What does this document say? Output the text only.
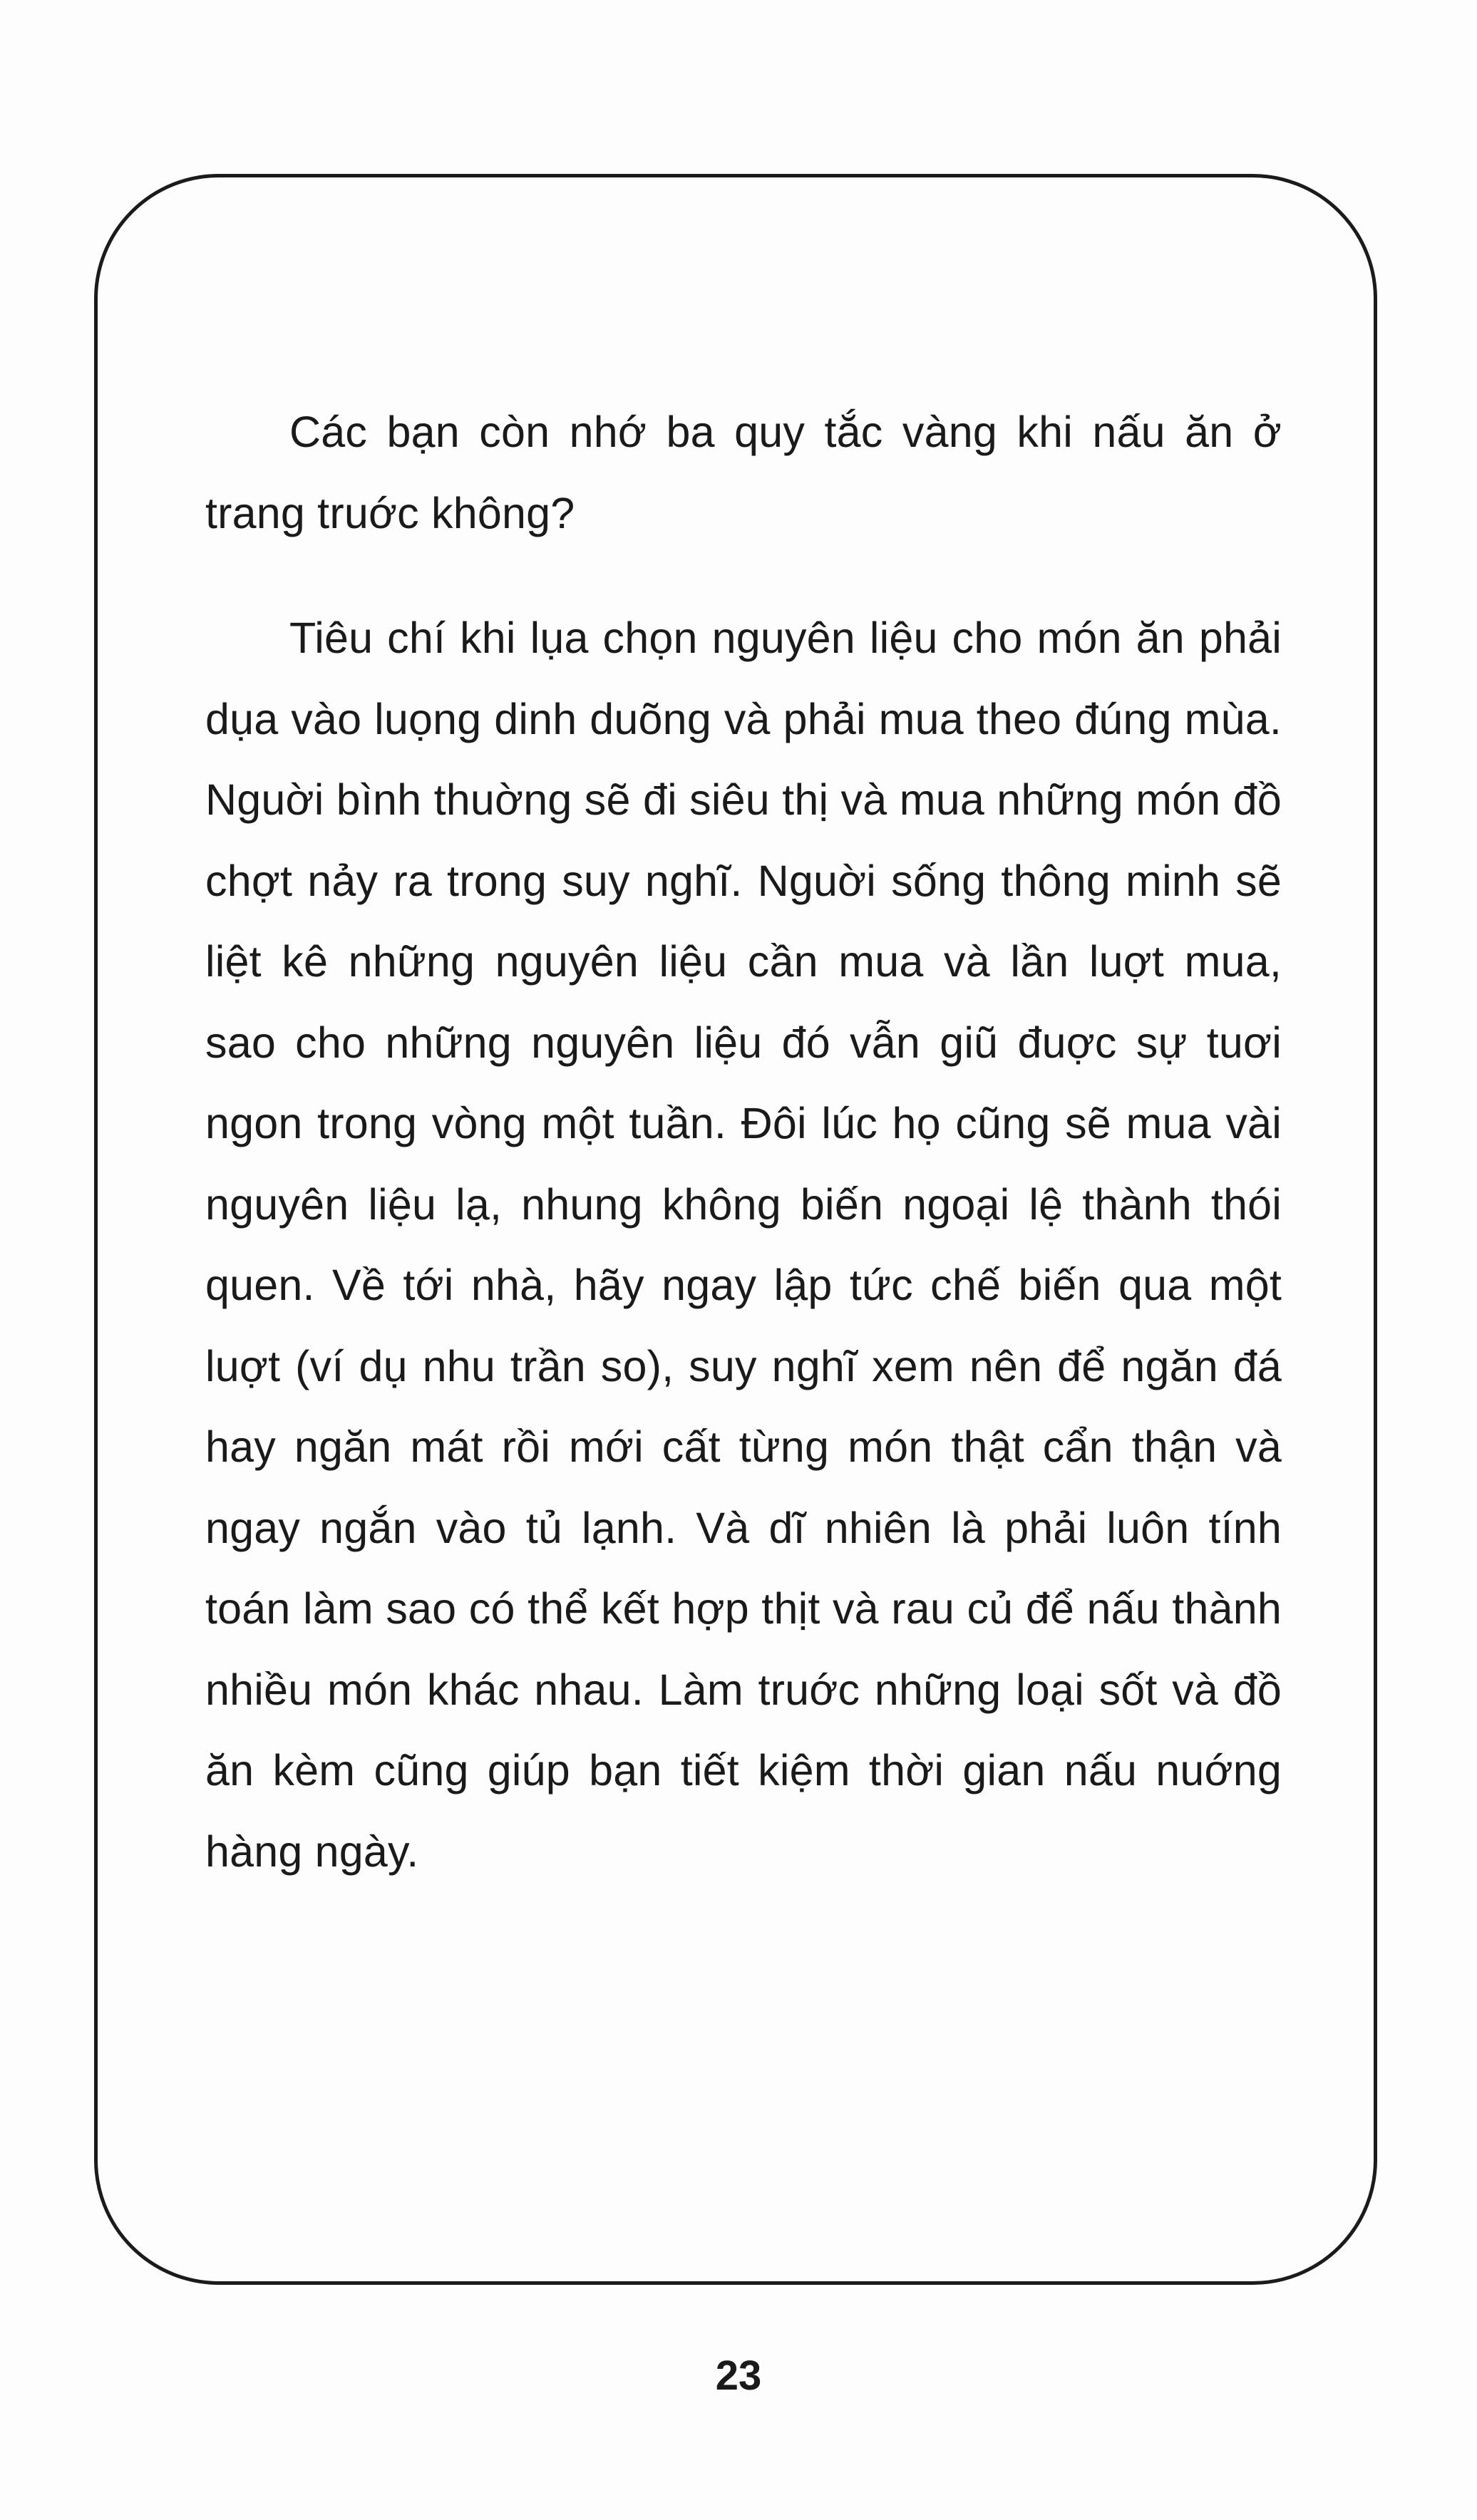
Các bạn còn nhớ ba quy tắc vàng khi nấu ăn ở trang truớc không?

Tiêu chí khi lụa chọn nguyên liệu cho món ăn phải dụa vào luọng dinh duõng và phải mua theo đúng mùa. Nguời bình thuờng sẽ đi siêu thị và mua những món đồ chợt nảy ra trong suy nghĩ. Nguời sống thông minh sẽ liệt kê những nguyên liệu cần mua và lần luợt mua, sao cho những nguyên liệu đó vẫn giũ đuợc sự tuơi ngon trong vòng một tuần. Đôi lúc họ cũng sẽ mua vài nguyên liệu lạ, nhung không biến ngoại lệ thành thói quen. Về tới nhà, hãy ngay lập tức chế biến qua một luợt (ví dụ nhu trần so), suy nghĩ xem nên để ngăn đá hay ngăn mát rồi mới cất từng món thật cẩn thận và ngay ngắn vào tủ lạnh. Và dĩ nhiên là phải luôn tính toán làm sao có thể kết hợp thịt và rau củ để nấu thành nhiều món khác nhau. Làm truớc những loại sốt và đồ ăn kèm cũng giúp bạn tiết kiệm thời gian nấu nuớng hàng ngày.

23
